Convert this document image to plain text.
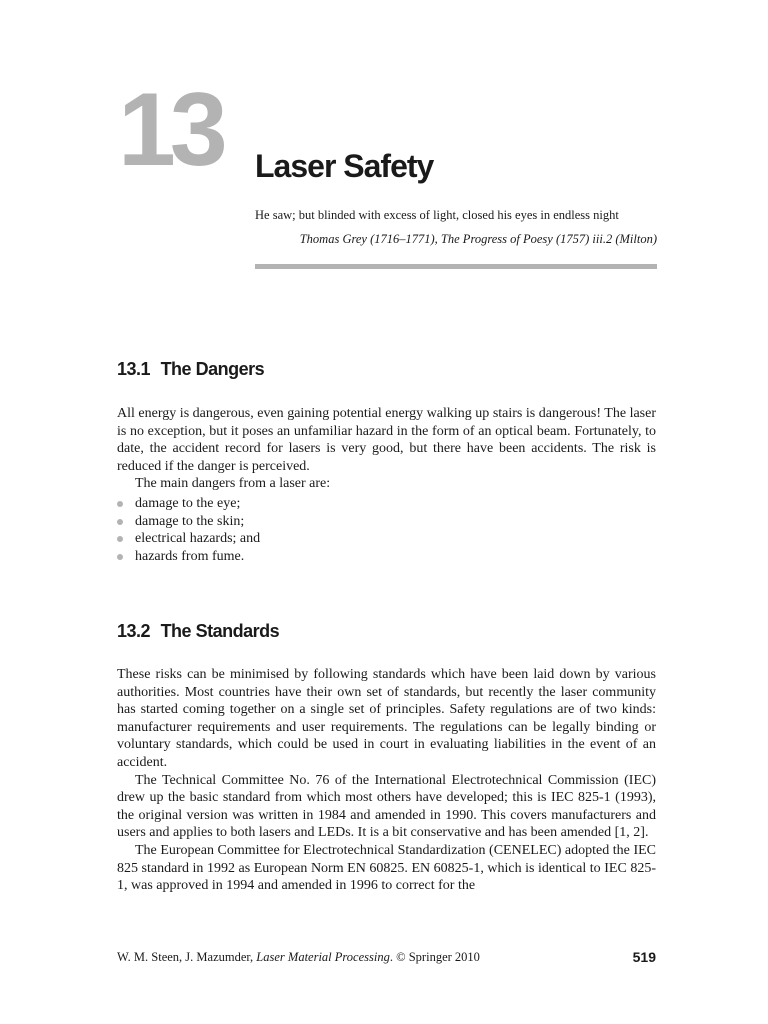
13 Laser Safety
He saw; but blinded with excess of light, closed his eyes in endless night
Thomas Grey (1716–1771), The Progress of Poesy (1757) iii.2 (Milton)
13.1 The Dangers

All energy is dangerous, even gaining potential energy walking up stairs is dangerous! The laser is no exception, but it poses an unfamiliar hazard in the form of an optical beam. Fortunately, to date, the accident record for lasers is very good, but there have been accidents. The risk is reduced if the danger is perceived.

The main dangers from a laser are:

damage to the eye;
damage to the skin;
electrical hazards; and
hazards from fume.
13.2 The Standards

These risks can be minimised by following standards which have been laid down by various authorities. Most countries have their own set of standards, but recently the laser community has started coming together on a single set of principles. Safety regulations are of two kinds: manufacturer requirements and user requirements. The regulations can be legally binding or voluntary standards, which could be used in court in evaluating liabilities in the event of an accident.

The Technical Committee No. 76 of the International Electrotechnical Commission (IEC) drew up the basic standard from which most others have developed; this is IEC 825-1 (1993), the original version was written in 1984 and amended in 1990. This covers manufacturers and users and applies to both lasers and LEDs. It is a bit conservative and has been amended [1, 2].

The European Committee for Electrotechnical Standardization (CENELEC) adopted the IEC 825 standard in 1992 as European Norm EN 60825. EN 60825-1, which is identical to IEC 825-1, was approved in 1994 and amended in 1996 to correct for the

W. M. Steen, J. Mazumder, Laser Material Processing. © Springer 2010	519
